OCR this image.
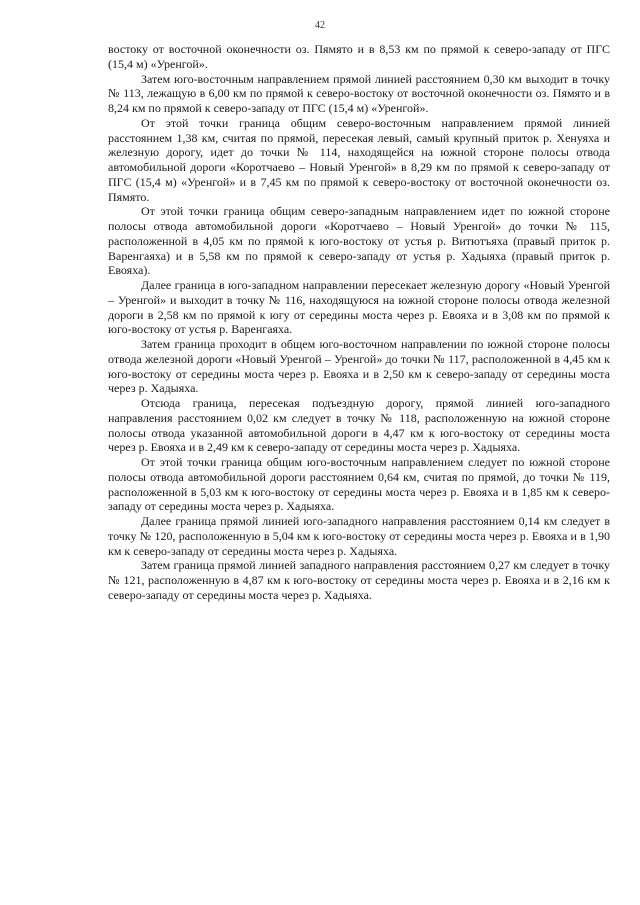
42

востоку от восточной оконечности оз. Пямято и в 8,53 км по прямой к северо-западу от ПГС (15,4 м) «Уренгой».

Затем юго-восточным направлением прямой линией расстоянием 0,30 км выходит в точку № 113, лежащую в 6,00 км по прямой к северо-востоку от восточной оконечности оз. Пямято и в 8,24 км по прямой к северо-западу от ПГС (15,4 м) «Уренгой».

От этой точки граница общим северо-восточным направлением прямой линией расстоянием 1,38 км, считая по прямой, пересекая левый, самый крупный приток р. Хенуяха и железную дорогу, идет до точки № 114, находящейся на южной стороне полосы отвода автомобильной дороги «Коротчаево – Новый Уренгой» в 8,29 км по прямой к северо-западу от ПГС (15,4 м) «Уренгой» и в 7,45 км по прямой к северо-востоку от восточной оконечности оз. Пямято.

От этой точки граница общим северо-западным направлением идет по южной стороне полосы отвода автомобильной дороги «Коротчаево – Новый Уренгой» до точки № 115, расположенной в 4,05 км по прямой к юго-востоку от устья р. Витютъяха (правый приток р. Варенгаяха) и в 5,58 км по прямой к северо-западу от устья р. Хадыяха (правый приток р. Евояха).

Далее граница в юго-западном направлении пересекает железную дорогу «Новый Уренгой – Уренгой» и выходит в точку № 116, находящуюся на южной стороне полосы отвода железной дороги в 2,58 км по прямой к югу от середины моста через р. Евояха и в 3,08 км по прямой к юго-востоку от устья р. Варенгаяха.

Затем граница проходит в общем юго-восточном направлении по южной стороне полосы отвода железной дороги «Новый Уренгой – Уренгой» до точки № 117, расположенной в 4,45 км к юго-востоку от середины моста через р. Евояха и в 2,50 км к северо-западу от середины моста через р. Хадыяха.

Отсюда граница, пересекая подъездную дорогу, прямой линией юго-западного направления расстоянием 0,02 км следует в точку № 118, расположенную на южной стороне полосы отвода указанной автомобильной дороги в 4,47 км к юго-востоку от середины моста через р. Евояха и в 2,49 км к северо-западу от середины моста через р. Хадыяха.

От этой точки граница общим юго-восточным направлением следует по южной стороне полосы отвода автомобильной дороги расстоянием 0,64 км, считая по прямой, до точки № 119, расположенной в 5,03 км к юго-востоку от середины моста через р. Евояха и в 1,85 км к северо-западу от середины моста через р. Хадыяха.

Далее граница прямой линией юго-западного направления расстоянием 0,14 км следует в точку № 120, расположенную в 5,04 км к юго-востоку от середины моста через р. Евояха и в 1,90 км к северо-западу от середины моста через р. Хадыяха.

Затем граница прямой линией западного направления расстоянием 0,27 км следует в точку № 121, расположенную в 4,87 км к юго-востоку от середины моста через р. Евояха и в 2,16 км к северо-западу от середины моста через р. Хадыяха.
